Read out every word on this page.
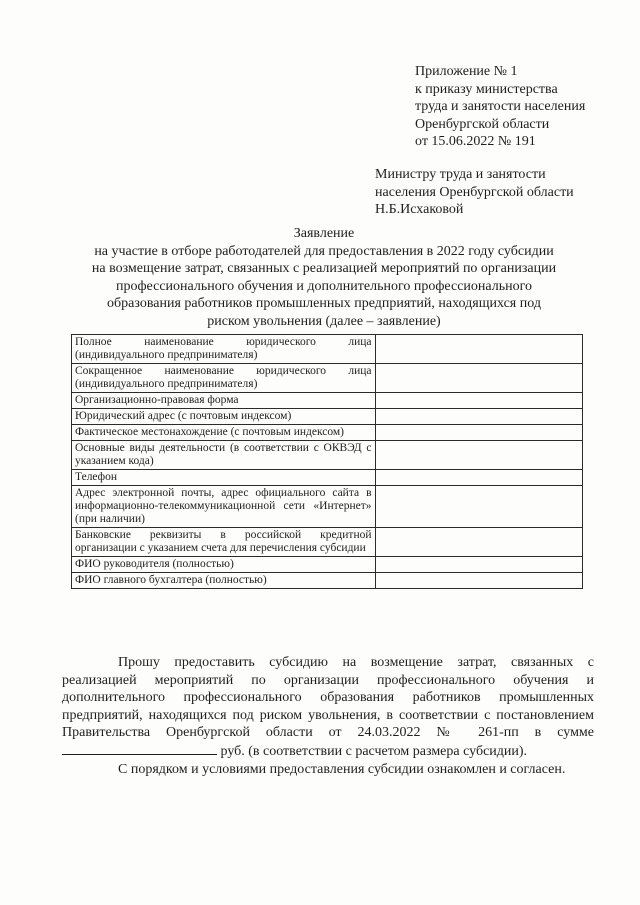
Приложение № 1
к приказу министерства
труда и занятости населения
Оренбургской области
от 15.06.2022 № 191
Министру труда и занятости
населения Оренбургской области
Н.Б.Исхаковой
Заявление
на участие в отборе работодателей для предоставления в 2022 году субсидии
на возмещение затрат, связанных с реализацией мероприятий по организации
профессионального обучения и дополнительного профессионального
образования работников промышленных предприятий, находящихся под
риском увольнения (далее – заявление)
Полное наименование юридического лица (индивидуального предпринимателя)	
Сокращенное наименование юридического лица (индивидуального предпринимателя)	
Организационно-правовая форма	
Юридический адрес (с почтовым индексом)	
Фактическое местонахождение (с почтовым индексом)	
Основные виды деятельности (в соответствии с ОКВЭД с указанием кода)	
Телефон	
Адрес электронной почты, адрес официального сайта в информационно-телекоммуникационной сети «Интернет» (при наличии)	
Банковские реквизиты в российской кредитной организации с указанием счета для перечисления субсидии	
ФИО руководителя (полностью)	
ФИО главного бухгалтера (полностью)	

Прошу предоставить субсидию на возмещение затрат, связанных с реализацией мероприятий по организации профессионального обучения и дополнительного профессионального образования работников промышленных предприятий, находящихся под риском увольнения, в соответствии с постановлением Правительства Оренбургской области от 24.03.2022 № 261-пп в сумме  руб. (в соответствии с расчетом размера субсидии).

С порядком и условиями предоставления субсидии ознакомлен и согласен.
